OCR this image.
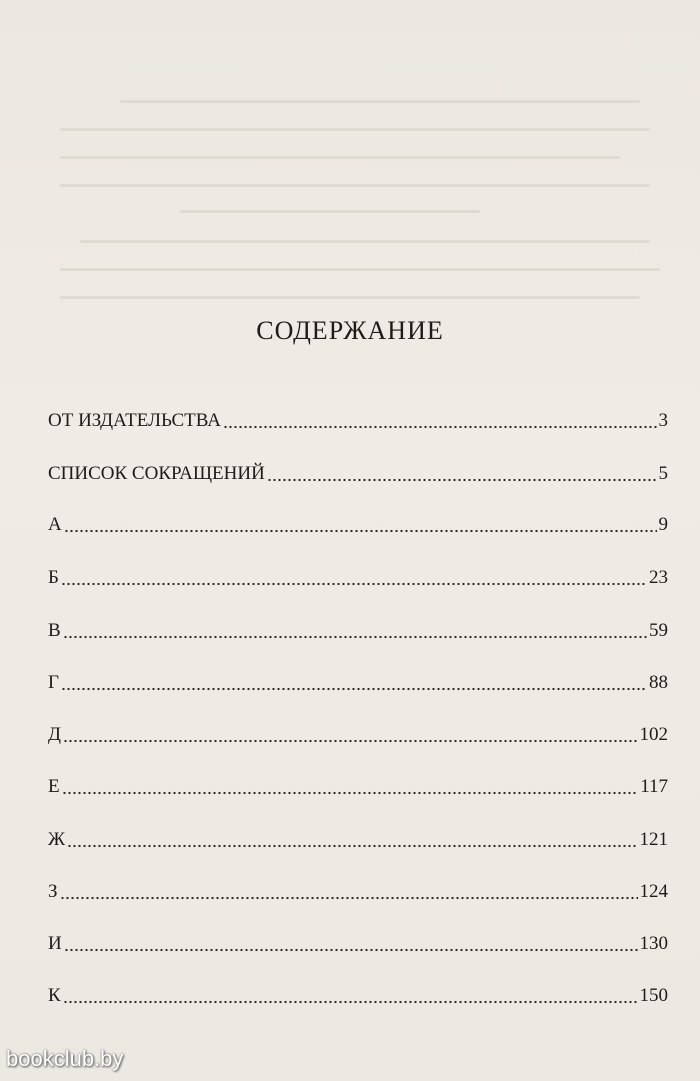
СОДЕРЖАНИЕ
ОТ ИЗДАТЕЛЬСТВА	3
СПИСОК СОКРАЩЕНИЙ	5
А	9
Б	23
В	59
Г	88
Д	102
Е	117
Ж	121
З	124
И	130
К	150
bookclub.by
